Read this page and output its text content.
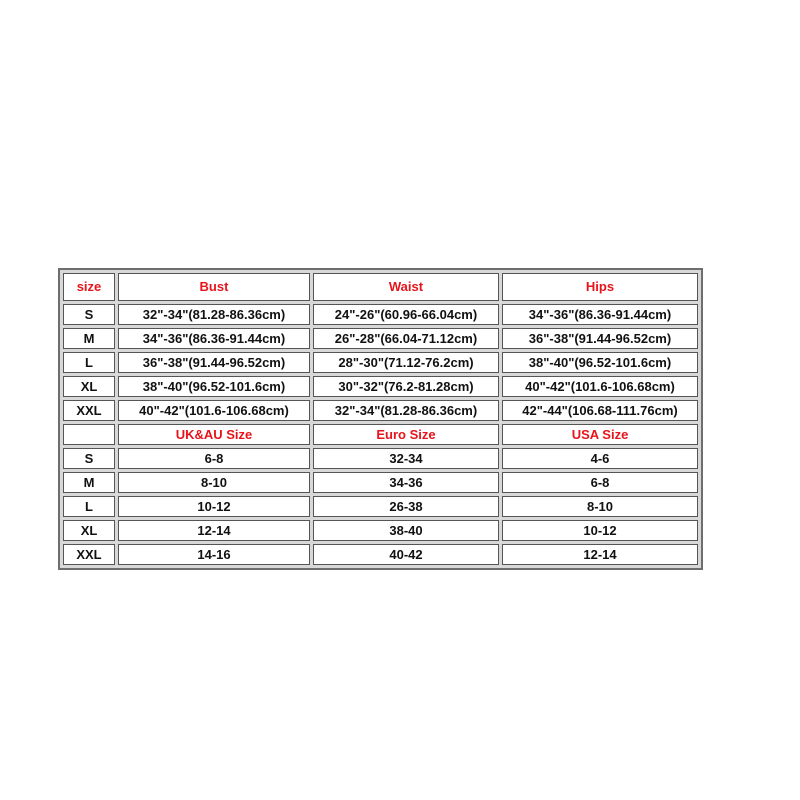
size	Bust	Waist	Hips
S	32"-34"(81.28-86.36cm)	24"-26"(60.96-66.04cm)	34"-36"(86.36-91.44cm)
M	34"-36"(86.36-91.44cm)	26"-28"(66.04-71.12cm)	36"-38"(91.44-96.52cm)
L	36"-38"(91.44-96.52cm)	28"-30"(71.12-76.2cm)	38"-40"(96.52-101.6cm)
XL	38"-40"(96.52-101.6cm)	30"-32"(76.2-81.28cm)	40"-42"(101.6-106.68cm)
XXL	40"-42"(101.6-106.68cm)	32"-34"(81.28-86.36cm)	42"-44"(106.68-111.76cm)
	UK&AU Size	Euro Size	USA Size
S	6-8	32-34	4-6
M	8-10	34-36	6-8
L	10-12	26-38	8-10
XL	12-14	38-40	10-12
XXL	14-16	40-42	12-14
